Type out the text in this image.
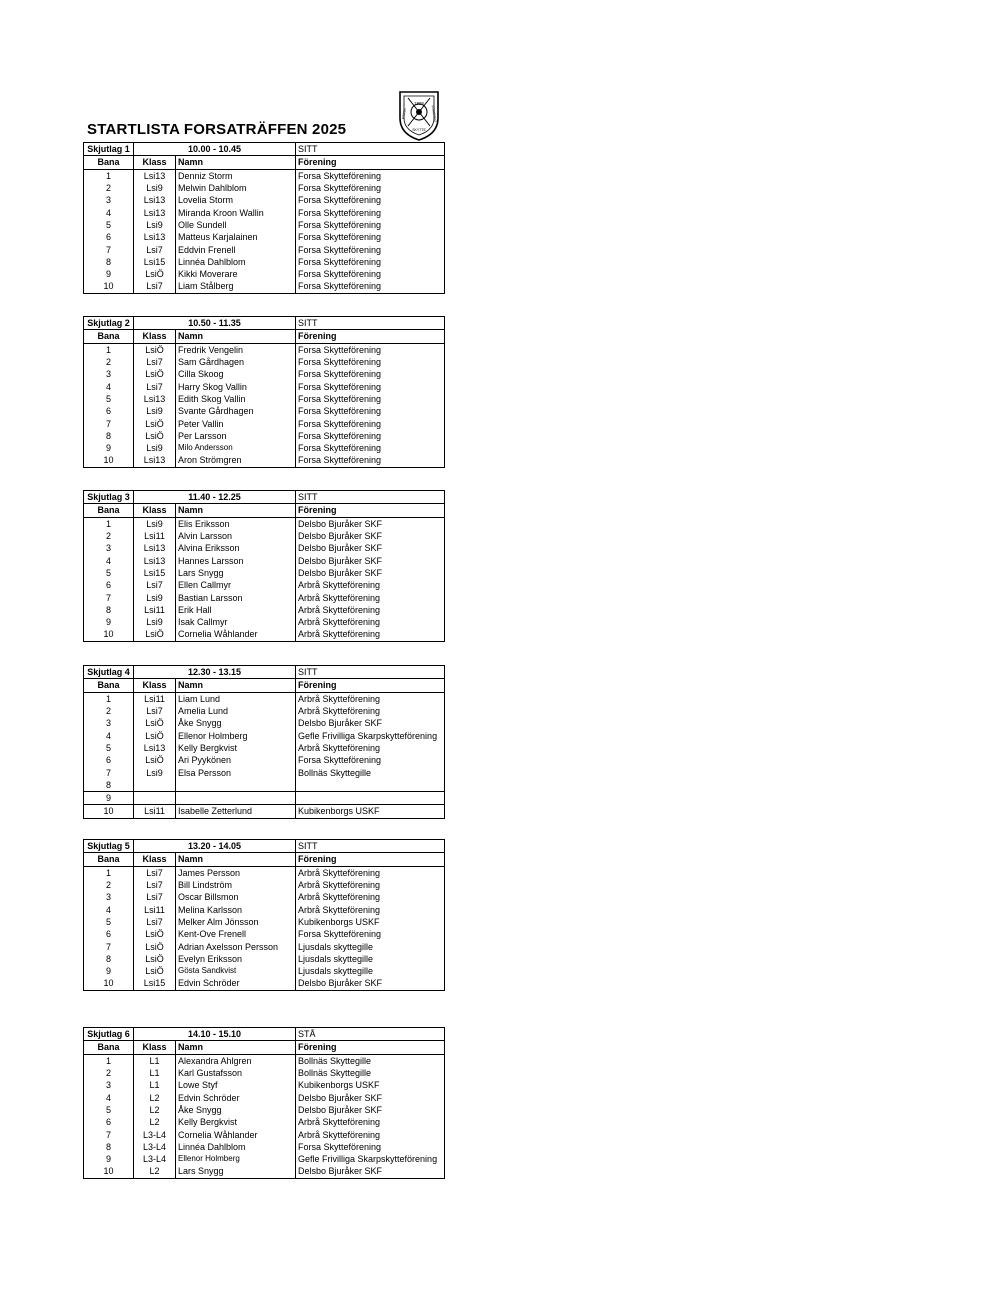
STARTLISTA FORSATRÄFFEN 2025
1895
FORSA	FÖRENING
SKYTTE
Skjutlag 1	10.00 - 10.45		SITT
Bana	Klass	Namn	Förening
1	Lsi13	Denniz Storm	Forsa Skytteförening
2	Lsi9	Melwin Dahlblom	Forsa Skytteförening
3	Lsi13	Lovelia Storm	Forsa Skytteförening
4	Lsi13	Miranda Kroon Wallin	Forsa Skytteförening
5	Lsi9	Olle Sundell	Forsa Skytteförening
6	Lsi13	Matteus Karjalainen	Forsa Skytteförening
7	Lsi7	Eddvin Frenell	Forsa Skytteförening
8	Lsi15	Linnéa Dahlblom	Forsa Skytteförening
9	LsiÖ	Kikki Moverare	Forsa Skytteförening
10	Lsi7	Liam Stålberg	Forsa Skytteförening
Skjutlag 2	10.50 - 11.35		SITT
Bana	Klass	Namn	Förening
1	LsiÖ	Fredrik Vengelin	Forsa Skytteförening
2	Lsi7	Sam Gårdhagen	Forsa Skytteförening
3	LsiÖ	Cilla Skoog	Forsa Skytteförening
4	Lsi7	Harry Skog Vallin	Forsa Skytteförening
5	Lsi13	Edith Skog Vallin	Forsa Skytteförening
6	Lsi9	Svante Gårdhagen	Forsa Skytteförening
7	LsiÖ	Peter Vallin	Forsa Skytteförening
8	LsiÖ	Per Larsson	Forsa Skytteförening
9	Lsi9	Milo Andersson	Forsa Skytteförening
10	Lsi13	Aron Strömgren	Forsa Skytteförening
Skjutlag 3	11.40 - 12.25		SITT
Bana	Klass	Namn	Förening
1	Lsi9	Elis Eriksson	Delsbo Bjuråker SKF
2	Lsi11	Alvin Larsson	Delsbo Bjuråker SKF
3	Lsi13	Alvina Eriksson	Delsbo Bjuråker SKF
4	Lsi13	Hannes Larsson	Delsbo Bjuråker SKF
5	Lsi15	Lars Snygg	Delsbo Bjuråker SKF
6	Lsi7	Ellen Callmyr	Arbrå Skytteförening
7	Lsi9	Bastian Larsson	Arbrå Skytteförening
8	Lsi11	Erik Hall	Arbrå Skytteförening
9	Lsi9	Isak Callmyr	Arbrå Skytteförening
10	LsiÖ	Cornelia Wåhlander	Arbrå Skytteförening
Skjutlag 4	12.30 - 13.15		SITT
Bana	Klass	Namn	Förening
1	Lsi11	Liam Lund	Arbrå Skytteförening
2	Lsi7	Amelia Lund	Arbrå Skytteförening
3	LsiÖ	Åke Snygg	Delsbo Bjuråker SKF
4	LsiÖ	Ellenor Holmberg	Gefle Frivilliga Skarpskytteförening
5	Lsi13	Kelly Bergkvist	Arbrå Skytteförening
6	LsiÖ	Ari Pyykönen	Forsa Skytteförening
7	Lsi9	Elsa Persson	Bollnäs Skyttegille
8			
9			
10	Lsi11	Isabelle Zetterlund	Kubikenborgs USKF
Skjutlag 5	13.20 - 14.05		SITT
Bana	Klass	Namn	Förening
1	Lsi7	James Persson	Arbrå Skytteförening
2	Lsi7	Bill Lindström	Arbrå Skytteförening
3	Lsi7	Oscar Billsmon	Arbrå Skytteförening
4	Lsi11	Melina Karlsson	Arbrå Skytteförening
5	Lsi7	Melker Alm Jönsson	Kubikenborgs USKF
6	LsiÖ	Kent-Ove Frenell	Forsa Skytteförening
7	LsiÖ	Adrian Axelsson Persson	Ljusdals skyttegille
8	LsiÖ	Evelyn Eriksson	Ljusdals skyttegille
9	LsiÖ	Gösta Sandkvist	Ljusdals skyttegille
10	Lsi15	Edvin Schröder	Delsbo Bjuråker SKF
Skjutlag 6	14.10 - 15.10		STÅ
Bana	Klass	Namn	Förening
1	L1	Alexandra Ahlgren	Bollnäs Skyttegille
2	L1	Karl Gustafsson	Bollnäs Skyttegille
3	L1	Lowe Styf	Kubikenborgs USKF
4	L2	Edvin Schröder	Delsbo Bjuråker SKF
5	L2	Åke Snygg	Delsbo Bjuråker SKF
6	L2	Kelly Bergkvist	Arbrå Skytteförening
7	L3-L4	Cornelia Wåhlander	Arbrå Skytteförening
8	L3-L4	Linnéa Dahlblom	Forsa Skytteförening
9	L3-L4	Ellenor Holmberg	Gefle Frivilliga Skarpskytteförening
10	L2	Lars Snygg	Delsbo Bjuråker SKF
